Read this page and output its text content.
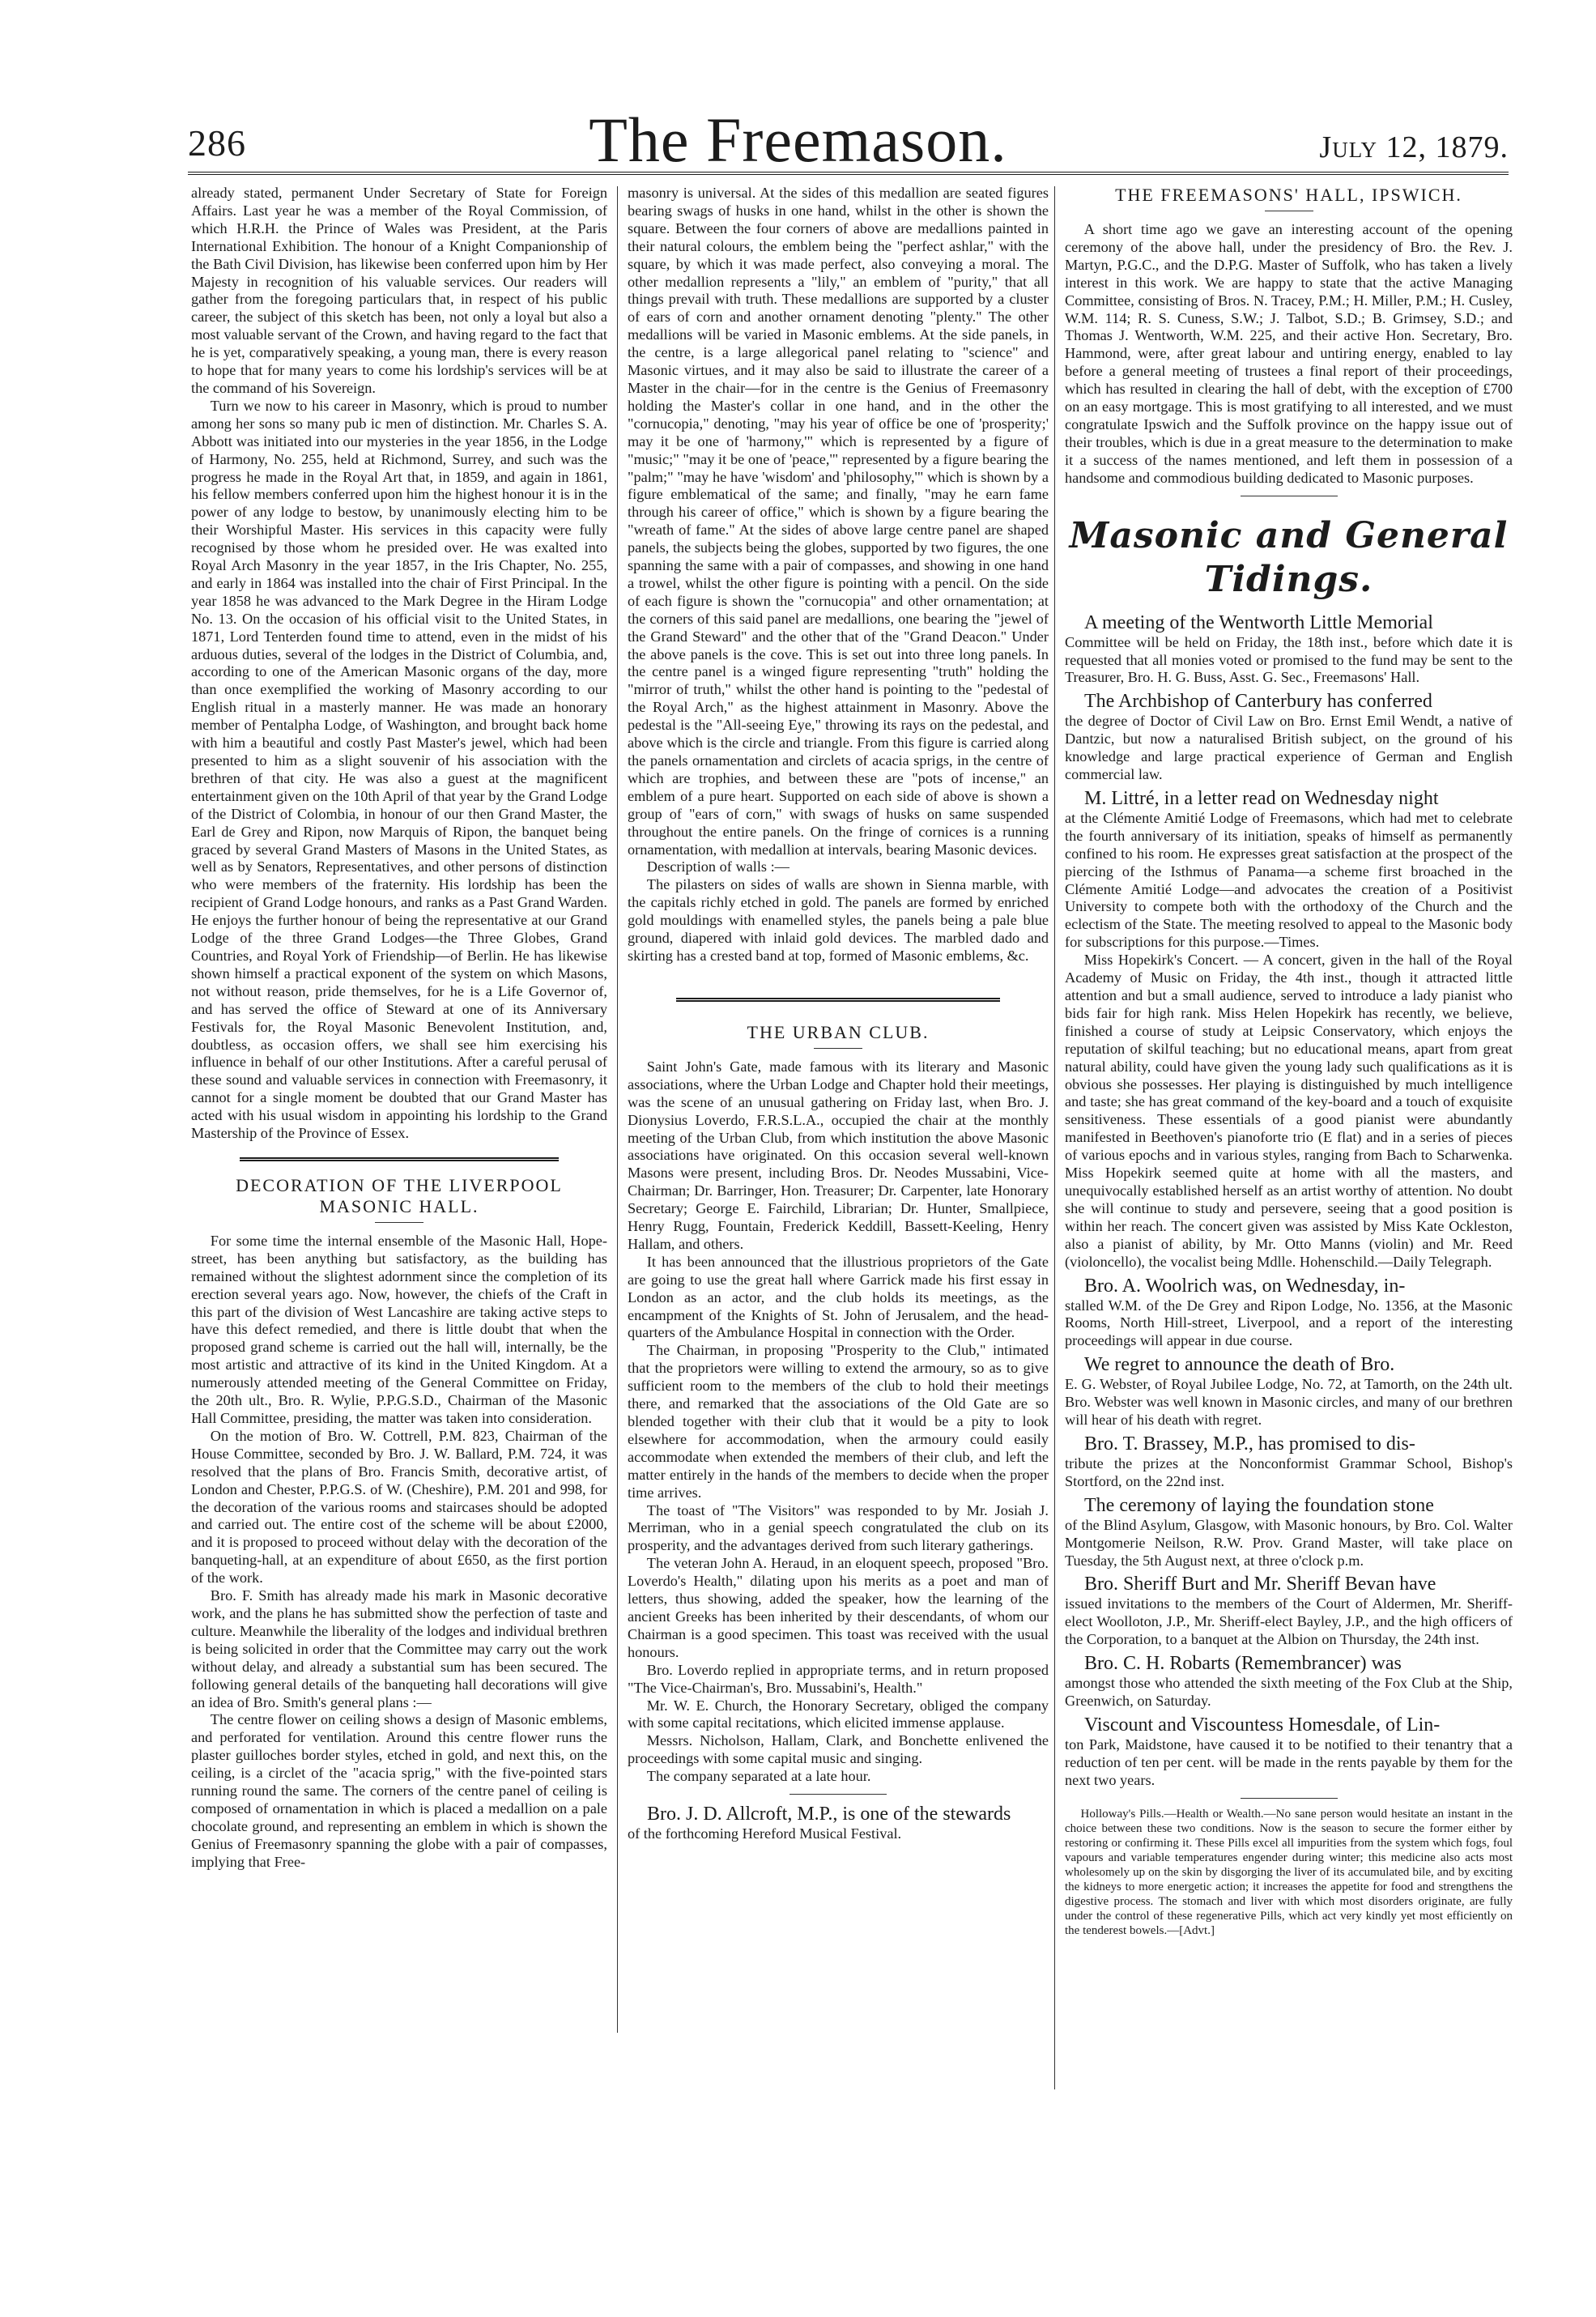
286	The Freemason.	July 12, 1879.

already stated, permanent Under Secretary of State for Foreign Affairs. Last year he was a member of the Royal Commission, of which H.R.H. the Prince of Wales was President, at the Paris International Exhibition. The honour of a Knight Companionship of the Bath Civil Division, has likewise been conferred upon him by Her Majesty in recognition of his valuable services. Our readers will gather from the foregoing particulars that, in respect of his public career, the subject of this sketch has been, not only a loyal but also a most valuable servant of the Crown, and having regard to the fact that he is yet, comparatively speaking, a young man, there is every reason to hope that for many years to come his lordship's services will be at the command of his Sovereign.

Turn we now to his career in Masonry, which is proud to number among her sons so many pub ic men of distinction. Mr. Charles S. A. Abbott was initiated into our mysteries in the year 1856, in the Lodge of Harmony, No. 255, held at Richmond, Surrey, and such was the progress he made in the Royal Art that, in 1859, and again in 1861, his fellow members conferred upon him the highest honour it is in the power of any lodge to bestow, by unanimously electing him to be their Worshipful Master. His services in this capacity were fully recognised by those whom he presided over. He was exalted into Royal Arch Masonry in the year 1857, in the Iris Chapter, No. 255, and early in 1864 was installed into the chair of First Principal. In the year 1858 he was advanced to the Mark Degree in the Hiram Lodge No. 13. On the occasion of his official visit to the United States, in 1871, Lord Tenterden found time to attend, even in the midst of his arduous duties, several of the lodges in the District of Columbia, and, according to one of the American Masonic organs of the day, more than once exemplified the working of Masonry according to our English ritual in a masterly manner. He was made an honorary member of Pentalpha Lodge, of Washington, and brought back home with him a beautiful and costly Past Master's jewel, which had been presented to him as a slight souvenir of his association with the brethren of that city. He was also a guest at the magnificent entertainment given on the 10th April of that year by the Grand Lodge of the District of Colombia, in honour of our then Grand Master, the Earl de Grey and Ripon, now Marquis of Ripon, the banquet being graced by several Grand Masters of Masons in the United States, as well as by Senators, Representatives, and other persons of distinction who were members of the fraternity. His lordship has been the recipient of Grand Lodge honours, and ranks as a Past Grand Warden. He enjoys the further honour of being the representative at our Grand Lodge of the three Grand Lodges—the Three Globes, Grand Countries, and Royal York of Friendship—of Berlin. He has likewise shown himself a practical exponent of the system on which Masons, not without reason, pride themselves, for he is a Life Governor of, and has served the office of Steward at one of its Anniversary Festivals for, the Royal Masonic Benevolent Institution, and, doubtless, as occasion offers, we shall see him exercising his influence in behalf of our other Institutions. After a careful perusal of these sound and valuable services in connection with Freemasonry, it cannot for a single moment be doubted that our Grand Master has acted with his usual wisdom in appointing his lordship to the Grand Mastership of the Province of Essex.

DECORATION OF THE LIVERPOOL MASONIC HALL.

For some time the internal ensemble of the Masonic Hall, Hope-street, has been anything but satisfactory, as the building has remained without the slightest adornment since the completion of its erection several years ago. Now, however, the chiefs of the Craft in this part of the division of West Lancashire are taking active steps to have this defect remedied, and there is little doubt that when the proposed grand scheme is carried out the hall will, internally, be the most artistic and attractive of its kind in the United Kingdom. At a numerously attended meeting of the General Committee on Friday, the 20th ult., Bro. R. Wylie, P.P.G.S.D., Chairman of the Masonic Hall Committee, presiding, the matter was taken into consideration.

On the motion of Bro. W. Cottrell, P.M. 823, Chairman of the House Committee, seconded by Bro. J. W. Ballard, P.M. 724, it was resolved that the plans of Bro. Francis Smith, decorative artist, of London and Chester, P.P.G.S. of W. (Cheshire), P.M. 201 and 998, for the decoration of the various rooms and staircases should be adopted and carried out. The entire cost of the scheme will be about £2000, and it is proposed to proceed without delay with the decoration of the banqueting-hall, at an expenditure of about £650, as the first portion of the work.

Bro. F. Smith has already made his mark in Masonic decorative work, and the plans he has submitted show the perfection of taste and culture. Meanwhile the liberality of the lodges and individual brethren is being solicited in order that the Committee may carry out the work without delay, and already a substantial sum has been secured. The following general details of the banqueting hall decorations will give an idea of Bro. Smith's general plans :—

The centre flower on ceiling shows a design of Masonic emblems, and perforated for ventilation. Around this centre flower runs the plaster guilloches border styles, etched in gold, and next this, on the ceiling, is a circlet of the "acacia sprig," with the five-pointed stars running round the same. The corners of the centre panel of ceiling is composed of ornamentation in which is placed a medallion on a pale chocolate ground, and representing an emblem in which is shown the Genius of Freemasonry spanning the globe with a pair of compasses, implying that Free-

masonry is universal. At the sides of this medallion are seated figures bearing swags of husks in one hand, whilst in the other is shown the square. Between the four corners of above are medallions painted in their natural colours, the emblem being the "perfect ashlar," with the square, by which it was made perfect, also conveying a moral. The other medallion represents a "lily," an emblem of "purity," that all things prevail with truth. These medallions are supported by a cluster of ears of corn and another ornament denoting "plenty." The other medallions will be varied in Masonic emblems. At the side panels, in the centre, is a large allegorical panel relating to "science" and Masonic virtues, and it may also be said to illustrate the career of a Master in the chair—for in the centre is the Genius of Freemasonry holding the Master's collar in one hand, and in the other the "cornucopia," denoting, "may his year of office be one of 'prosperity;' may it be one of 'harmony,'" which is represented by a figure of "music;" "may it be one of 'peace,'" represented by a figure bearing the "palm;" "may he have 'wisdom' and 'philosophy,'" which is shown by a figure emblematical of the same; and finally, "may he earn fame through his career of office," which is shown by a figure bearing the "wreath of fame." At the sides of above large centre panel are shaped panels, the subjects being the globes, supported by two figures, the one spanning the same with a pair of compasses, and showing in one hand a trowel, whilst the other figure is pointing with a pencil. On the side of each figure is shown the "cornucopia" and other ornamentation; at the corners of this said panel are medallions, one bearing the "jewel of the Grand Steward" and the other that of the "Grand Deacon." Under the above panels is the cove. This is set out into three long panels. In the centre panel is a winged figure representing "truth" holding the "mirror of truth," whilst the other hand is pointing to the "pedestal of the Royal Arch," as the highest attainment in Masonry. Above the pedestal is the "All-seeing Eye," throwing its rays on the pedestal, and above which is the circle and triangle. From this figure is carried along the panels ornamentation and circlets of acacia sprigs, in the centre of which are trophies, and between these are "pots of incense," an emblem of a pure heart. Supported on each side of above is shown a group of "ears of corn," with swags of husks on same suspended throughout the entire panels. On the fringe of cornices is a running ornamentation, with medallion at intervals, bearing Masonic devices.

Description of walls :—

The pilasters on sides of walls are shown in Sienna marble, with the capitals richly etched in gold. The panels are formed by enriched gold mouldings with enamelled styles, the panels being a pale blue ground, diapered with inlaid gold devices. The marbled dado and skirting has a crested band at top, formed of Masonic emblems, &c.

THE URBAN CLUB.

Saint John's Gate, made famous with its literary and Masonic associations, where the Urban Lodge and Chapter hold their meetings, was the scene of an unusual gathering on Friday last, when Bro. J. Dionysius Loverdo, F.R.S.L.A., occupied the chair at the monthly meeting of the Urban Club, from which institution the above Masonic associations have originated. On this occasion several well-known Masons were present, including Bros. Dr. Neodes Mussabini, Vice-Chairman; Dr. Barringer, Hon. Treasurer; Dr. Carpenter, late Honorary Secretary; George E. Fairchild, Librarian; Dr. Hunter, Smallpiece, Henry Rugg, Fountain, Frederick Keddill, Bassett-Keeling, Henry Hallam, and others.

It has been announced that the illustrious proprietors of the Gate are going to use the great hall where Garrick made his first essay in London as an actor, and the club holds its meetings, as the encampment of the Knights of St. John of Jerusalem, and the head-quarters of the Ambulance Hospital in connection with the Order.

The Chairman, in proposing "Prosperity to the Club," intimated that the proprietors were willing to extend the armoury, so as to give sufficient room to the members of the club to hold their meetings there, and remarked that the associations of the Old Gate are so blended together with their club that it would be a pity to look elsewhere for accommodation, when the armoury could easily accommodate when extended the members of their club, and left the matter entirely in the hands of the members to decide when the proper time arrives.

The toast of "The Visitors" was responded to by Mr. Josiah J. Merriman, who in a genial speech congratulated the club on its prosperity, and the advantages derived from such literary gatherings.

The veteran John A. Heraud, in an eloquent speech, proposed "Bro. Loverdo's Health," dilating upon his merits as a poet and man of letters, thus showing, added the speaker, how the learning of the ancient Greeks has been inherited by their descendants, of whom our Chairman is a good specimen. This toast was received with the usual honours.

Bro. Loverdo replied in appropriate terms, and in return proposed "The Vice-Chairman's, Bro. Mussabini's, Health."

Mr. W. E. Church, the Honorary Secretary, obliged the company with some capital recitations, which elicited immense applause.

Messrs. Nicholson, Hallam, Clark, and Bonchette enlivened the proceedings with some capital music and singing.

The company separated at a late hour.

Bro. J. D. Allcroft, M.P., is one of the stewards

of the forthcoming Hereford Musical Festival.

THE FREEMASONS' HALL, IPSWICH.

A short time ago we gave an interesting account of the opening ceremony of the above hall, under the presidency of Bro. the Rev. J. Martyn, P.G.C., and the D.P.G. Master of Suffolk, who has taken a lively interest in this work. We are happy to state that the active Managing Committee, consisting of Bros. N. Tracey, P.M.; H. Miller, P.M.; H. Cusley, W.M. 114; R. S. Cuness, S.W.; J. Talbot, S.D.; B. Grimsey, S.D.; and Thomas J. Wentworth, W.M. 225, and their active Hon. Secretary, Bro. Hammond, were, after great labour and untiring energy, enabled to lay before a general meeting of trustees a final report of their proceedings, which has resulted in clearing the hall of debt, with the exception of £700 on an easy mortgage. This is most gratifying to all interested, and we must congratulate Ipswich and the Suffolk province on the happy issue out of their troubles, which is due in a great measure to the determination to make it a success of the names mentioned, and left them in possession of a handsome and commodious building dedicated to Masonic purposes.

Masonic and General Tidings.

A meeting of the Wentworth Little Memorial

Committee will be held on Friday, the 18th inst., before which date it is requested that all monies voted or promised to the fund may be sent to the Treasurer, Bro. H. G. Buss, Asst. G. Sec., Freemasons' Hall.

The Archbishop of Canterbury has conferred

the degree of Doctor of Civil Law on Bro. Ernst Emil Wendt, a native of Dantzic, but now a naturalised British subject, on the ground of his knowledge and large practical experience of German and English commercial law.

M. Littré, in a letter read on Wednesday night

at the Clémente Amitié Lodge of Freemasons, which had met to celebrate the fourth anniversary of its initiation, speaks of himself as permanently confined to his room. He expresses great satisfaction at the prospect of the piercing of the Isthmus of Panama—a scheme first broached in the Clémente Amitié Lodge—and advocates the creation of a Positivist University to compete both with the orthodoxy of the Church and the eclectism of the State. The meeting resolved to appeal to the Masonic body for subscriptions for this purpose.—Times.

Miss Hopekirk's Concert. — A concert, given in the hall of the Royal Academy of Music on Friday, the 4th inst., though it attracted little attention and but a small audience, served to introduce a lady pianist who bids fair for high rank. Miss Helen Hopekirk has recently, we believe, finished a course of study at Leipsic Conservatory, which enjoys the reputation of skilful teaching; but no educational means, apart from great natural ability, could have given the young lady such qualifications as it is obvious she possesses. Her playing is distinguished by much intelligence and taste; she has great command of the key-board and a touch of exquisite sensitiveness. These essentials of a good pianist were abundantly manifested in Beethoven's pianoforte trio (E flat) and in a series of pieces of various epochs and in various styles, ranging from Bach to Scharwenka. Miss Hopekirk seemed quite at home with all the masters, and unequivocally established herself as an artist worthy of attention. No doubt she will continue to study and persevere, seeing that a good position is within her reach. The concert given was assisted by Miss Kate Ockleston, also a pianist of ability, by Mr. Otto Manns (violin) and Mr. Reed (violoncello), the vocalist being Mdlle. Hohenschild.—Daily Telegraph.

Bro. A. Woolrich was, on Wednesday, in-

stalled W.M. of the De Grey and Ripon Lodge, No. 1356, at the Masonic Rooms, North Hill-street, Liverpool, and a report of the interesting proceedings will appear in due course.

We regret to announce the death of Bro.

E. G. Webster, of Royal Jubilee Lodge, No. 72, at Tamorth, on the 24th ult. Bro. Webster was well known in Masonic circles, and many of our brethren will hear of his death with regret.

Bro. T. Brassey, M.P., has promised to dis-

tribute the prizes at the Nonconformist Grammar School, Bishop's Stortford, on the 22nd inst.

The ceremony of laying the foundation stone

of the Blind Asylum, Glasgow, with Masonic honours, by Bro. Col. Walter Montgomerie Neilson, R.W. Prov. Grand Master, will take place on Tuesday, the 5th August next, at three o'clock p.m.

Bro. Sheriff Burt and Mr. Sheriff Bevan have

issued invitations to the members of the Court of Aldermen, Mr. Sheriff-elect Woolloton, J.P., Mr. Sheriff-elect Bayley, J.P., and the high officers of the Corporation, to a banquet at the Albion on Thursday, the 24th inst.

Bro. C. H. Robarts (Remembrancer) was

amongst those who attended the sixth meeting of the Fox Club at the Ship, Greenwich, on Saturday.

Viscount and Viscountess Homesdale, of Lin-

ton Park, Maidstone, have caused it to be notified to their tenantry that a reduction of ten per cent. will be made in the rents payable by them for the next two years.

Holloway's Pills.—Health or Wealth.—No sane person would hesitate an instant in the choice between these two conditions. Now is the season to secure the former either by restoring or confirming it. These Pills excel all impurities from the system which fogs, foul vapours and variable temperatures engender during winter; this medicine also acts most wholesomely up on the skin by disgorging the liver of its accumulated bile, and by exciting the kidneys to more energetic action; it increases the appetite for food and strengthens the digestive process. The stomach and liver with which most disorders originate, are fully under the control of these regenerative Pills, which act very kindly yet most efficiently on the tenderest bowels.—[Advt.]
